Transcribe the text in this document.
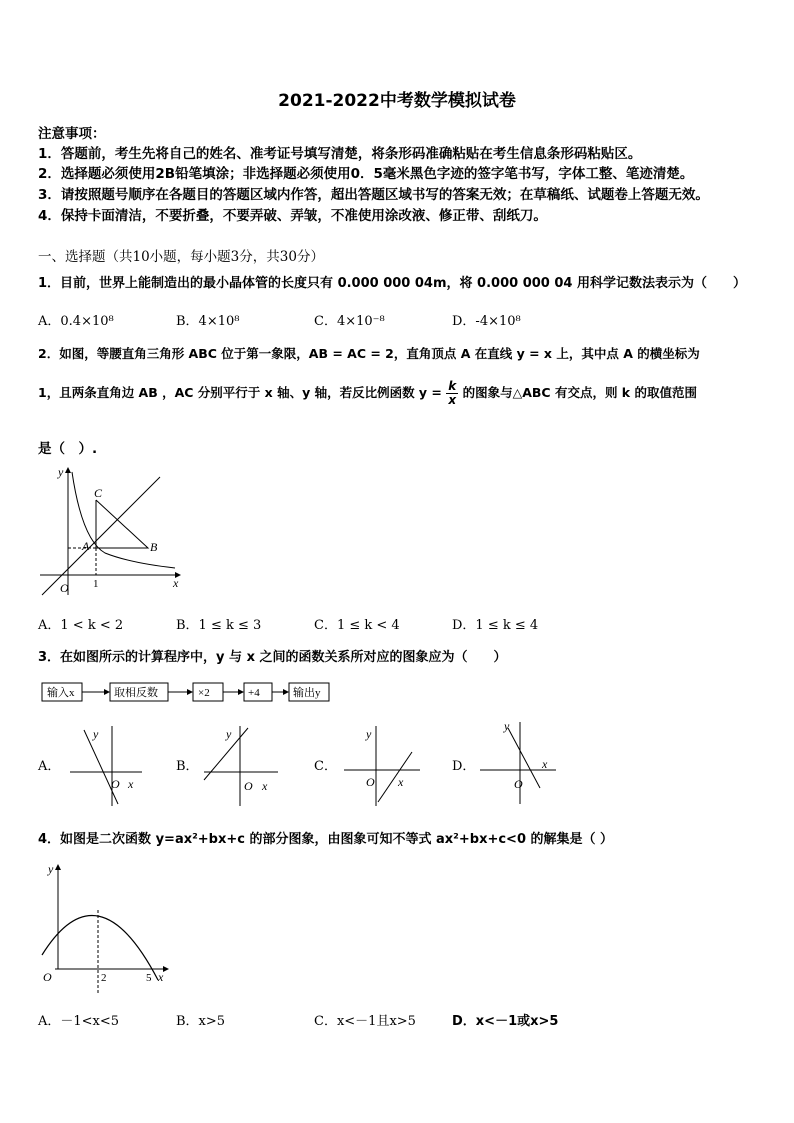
2021-2022中考数学模拟试卷
注意事项：
1．答题前，考生先将自己的姓名、准考证号填写清楚，将条形码准确粘贴在考生信息条形码粘贴区。
2．选择题必须使用2B铅笔填涂；非选择题必须使用0．5毫米黑色字迹的签字笔书写，字体工整、笔迹清楚。
3．请按照题号顺序在各题目的答题区域内作答，超出答题区域书写的答案无效；在草稿纸、试题卷上答题无效。
4．保持卡面清洁，不要折叠，不要弄破、弄皱，不准使用涂改液、修正带、刮纸刀。
一、选择题（共10小题，每小题3分，共30分）
1．目前，世界上能制造出的最小晶体管的长度只有 0.000 000 04m，将 0.000 000 04 用科学记数法表示为（　　）
A．0.4×10⁸	B．4×10⁸	C．4×10⁻⁸	D．-4×10⁸
2．如图，等腰直角三角形 ABC 位于第一象限，AB = AC = 2，直角顶点 A 在直线 y = x 上，其中点 A 的横坐标为
1，且两条直角边 AB ，AC 分别平行于 x 轴、y 轴，若反比例函数 $y = \frac{k}{x}$ 的图象与△ABC 有交点，则 k 的取值范围
是（　）.
y
C
A	B
O 1	x
A．1 < k < 2	B．1 ≤ k ≤ 3	C．1 ≤ k < 4	D．1 ≤ k ≤ 4
3．在如图所示的计算程序中，y 与 x 之间的函数关系所对应的图象应为（　　）
输入x	取相反数	×2	+4	输出y
A．
y
O x
B．
y
O x
C．
y
O x
D．
y
O
x
4．如图是二次函数 y=ax²+bx+c 的部分图象，由图象可知不等式 ax²+bx+c<0 的解集是（ ）
y
O	2	5 x
A．－1<x<5	B．x>5	C．x<－1且x>5	D．x<－1或x>5
